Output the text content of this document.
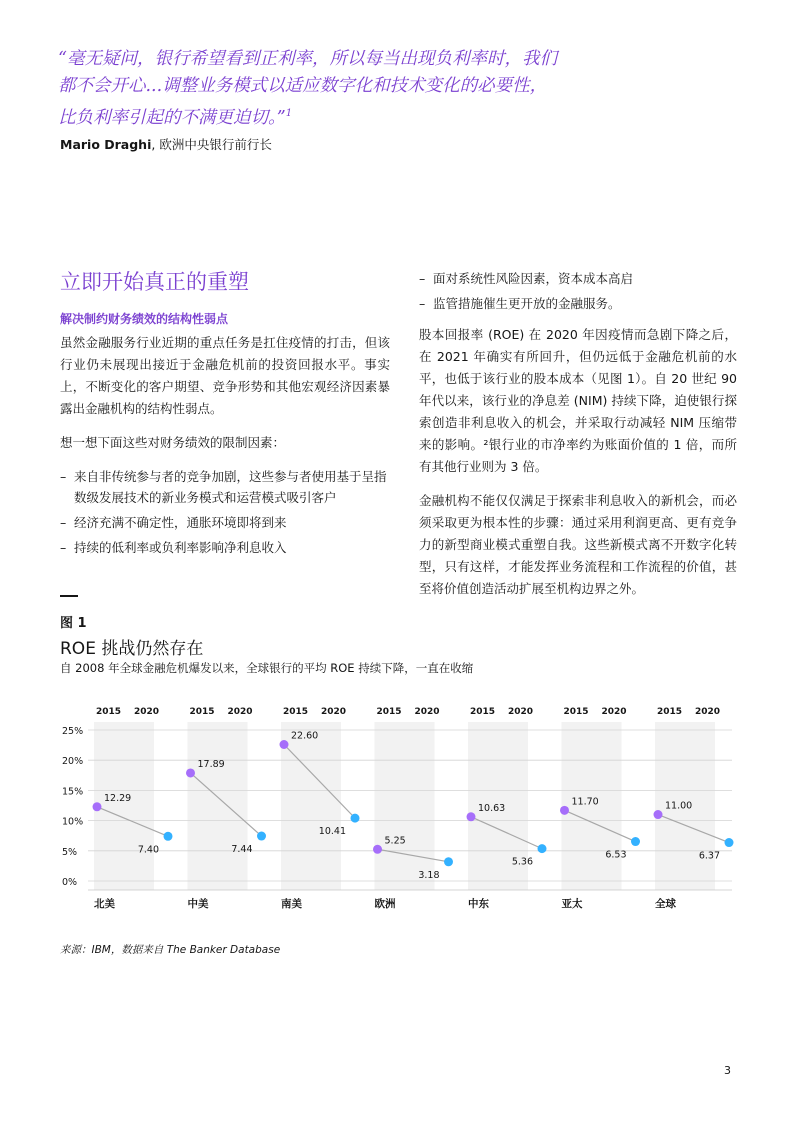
“毫无疑问，银行希望看到正利率，所以每当出现负利率时，我们都不会开心...调整业务模式以适应数字化和技术变化的必要性，比负利率引起的不满更迫切。”$^1$
Mario Draghi, 欧洲中央银行前行长
立即开始真正的重塑
解决制约财务绩效的结构性弱点

虽然金融服务行业近期的重点任务是扛住疫情的打击，但该行业仍未展现出接近于金融危机前的投资回报水平。事实上，不断变化的客户期望、竞争形势和其他宏观经济因素暴露出金融机构的结构性弱点。

想一想下面这些对财务绩效的限制因素：

– 来自非传统参与者的竞争加剧，这些参与者使用基于呈指数级发展技术的新业务模式和运营模式吸引客户
– 经济充满不确定性，通胀环境即将到来
– 持续的低利率或负利率影响净利息收入
– 面对系统性风险因素，资本成本高启
– 监管措施催生更开放的金融服务。

股本回报率 (ROE) 在 2020 年因疫情而急剧下降之后，在 2021 年确实有所回升，但仍远低于金融危机前的水平，也低于该行业的股本成本（见图 1）。自 20 世纪 90 年代以来，该行业的净息差 (NIM) 持续下降，迫使银行探索创造非利息收入的机会，并采取行动减轻 NIM 压缩带来的影响。²银行业的市净率约为账面价值的 1 倍，而所有其他行业则为 3 倍。

金融机构不能仅仅满足于探索非利息收入的新机会，而必须采取更为根本性的步骤：通过采用利润更高、更有竞争力的新型商业模式重塑自我。这些新模式离不开数字化转型，只有这样，才能发挥业务流程和工作流程的价值，甚至将价值创造活动扩展至机构边界之外。

图 1
ROE 挑战仍然存在
自 2008 年全球金融危机爆发以来，全球银行的平均 ROE 持续下降，一直在收缩
0%
5%
10%
15%
20%
25%
2015 2020
12.29
7.40
北美
2015 2020
17.89
7.44
中美
2015 2020
22.60
10.41
南美
2015 2020
5.25
3.18
欧洲
2015 2020
10.63
5.36
中东
2015 2020
11.70
6.53
亚太
2015 2020
11.00
6.37
全球
来源：IBM，数据来自 The Banker Database
3
